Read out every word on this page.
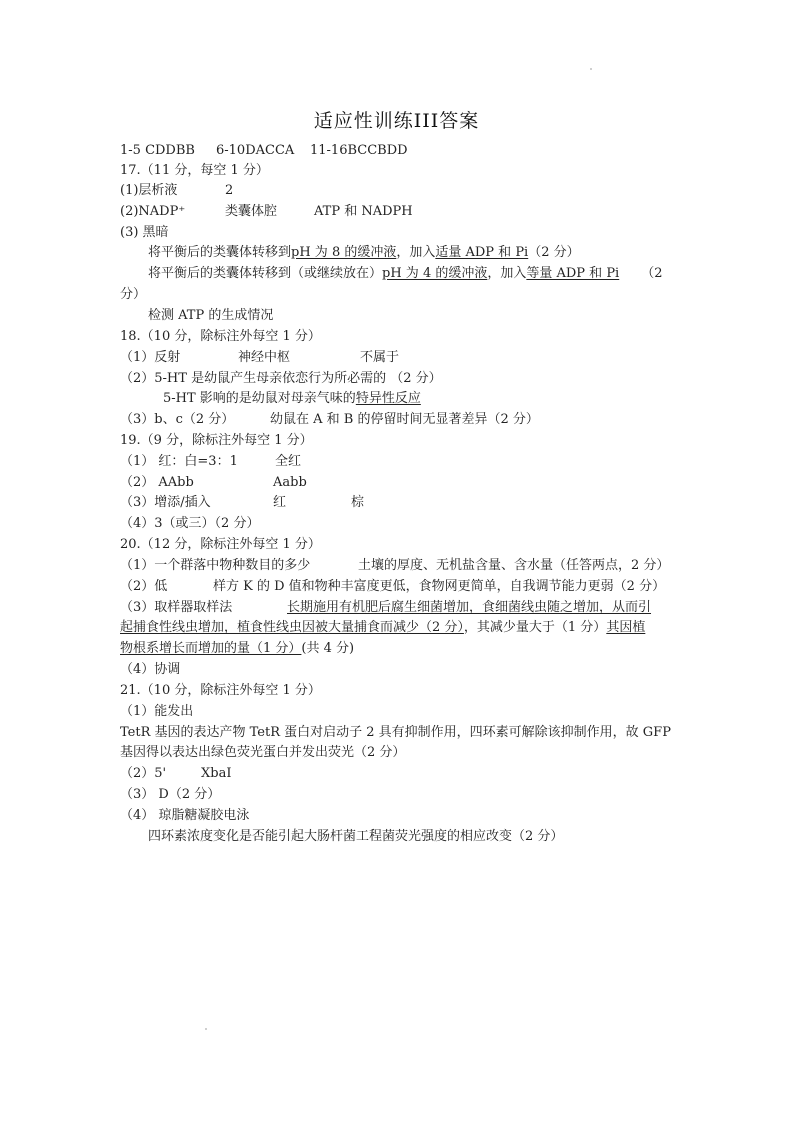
适应性训练III答案
1-5 CDDBB 6-10DACCA 11-16BCCBDD
17.（11 分，每空 1 分）
(1)层析液	2
(2)NADP⁺	类囊体腔	ATP 和 NADPH
(3) 黑暗
将平衡后的类囊体转移到pH 为 8 的缓冲液，加入适量 ADP 和 Pi（2 分）
将平衡后的类囊体转移到（或继续放在）pH 为 4 的缓冲液，加入等量 ADP 和 Pi （2
分）
检测 ATP 的生成情况
18.（10 分，除标注外每空 1 分）
（1）反射	神经中枢	不属于
（2）5-HT 是幼鼠产生母亲依恋行为所必需的 （2 分）
5-HT 影响的是幼鼠对母亲气味的特异性反应
（3）b、c（2 分）	幼鼠在 A 和 B 的停留时间无显著差异（2 分）
19.（9 分，除标注外每空 1 分）
（1） 红：白=3：1	全红
（2） AAbb	Aabb
（3）增添/插入	红	棕
（4）3（或三）（2 分）
20.（12 分，除标注外每空 1 分）
（1）一个群落中物种数目的多少	土壤的厚度、无机盐含量、含水量（任答两点，2 分）
（2）低	样方 K 的 D 值和物种丰富度更低，食物网更简单，自我调节能力更弱（2 分）
（3）取样器取样法	长期施用有机肥后腐生细菌增加，食细菌线虫随之增加，从而引
起捕食性线虫增加，植食性线虫因被大量捕食而减少（2 分），其减少量大于（1 分）其因植
物根系增长而增加的量（1 分）(共 4 分)
（4）协调
21.（10 分，除标注外每空 1 分）
（1）能发出
TetR 基因的表达产物 TetR 蛋白对启动子 2 具有抑制作用，四环素可解除该抑制作用，故 GFP
基因得以表达出绿色荧光蛋白并发出荧光（2 分）
（2）5'	XbaⅠ
（3） D（2 分）
（4） 琼脂糖凝胶电泳
四环素浓度变化是否能引起大肠杆菌工程菌荧光强度的相应改变（2 分）
